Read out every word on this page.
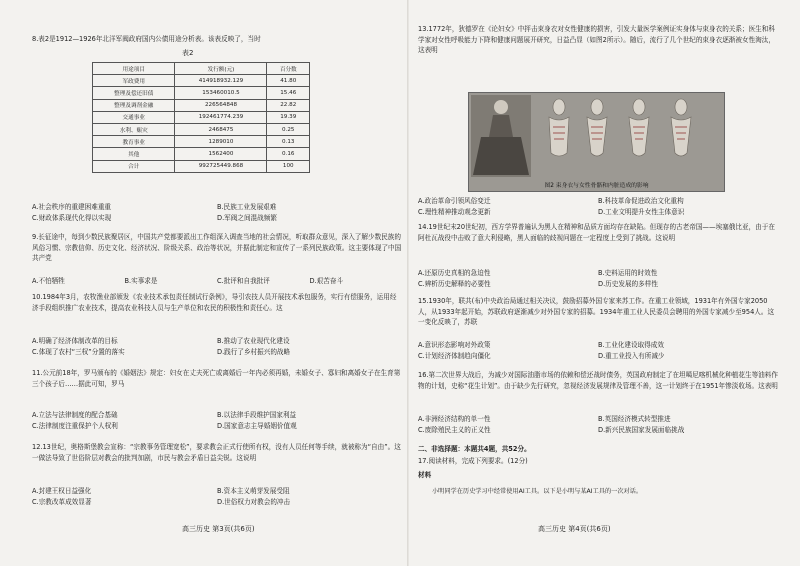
8.表2是1912—1926年北洋军阀政府国内公债用途分析表。该表反映了，当时
表2
用途项目	发行额(元)	百分数
军政费用	414918932.129	41.80
整理及偿还旧债	153460010.5	15.46
整理及调剂金融	226564848	22.82
交通事业	192461774.239	19.39
水利、赈灾	2468475	0.25
教育事业	1289010	0.13
其他	1562400	0.16
合计	992725449.868	100
A.社会秩序的重建困难重重	B.民族工业发展艰难
C.财政体系现代化得以实现	D.军阀之间混战频繁
9.长征途中，每到少数民族聚居区，中国共产党都要派出工作组深入调查当地的社会情况，听取群众意见，深入了解少数民族的风俗习惯、宗教信仰、历史文化、经济状况、阶级关系、政治等状况，并据此制定和宣传了一系列民族政策。这主要体现了中国共产党
A.不怕牺牲	B.实事求是	C.批评和自我批评	D.艰苦奋斗
10.1984年3月，农牧渔业部颁发《农业技术承包责任制试行条例》，导引农技人员开展技术承包服务，实行有偿服务，运用经济手段组织推广农业技术，提高农业科技人员与生产单位和农民的积极性和责任心。这
A.明确了经济体制改革的目标	B.推动了农业现代化建设
C.体现了农村“三权”分置的落实	D.践行了乡村振兴的战略
11.公元前18年，罗马颁布的《婚姻法》规定：妇女在丈夫死亡或离婚后一年内必须再婚，未婚女子、寡妇和离婚女子在生育第三个孩子后……据此可知，罗马
A.立法与法律制度的配合基础	B.以法律手段维护国家利益
C.法律制度注重保护个人权利	D.国家意志主导婚姻价值观
12.13世纪，奥格斯堡教会宣称：“宗教事务管理宽松”，要求教会正式行使所有权，没有人员任何等手续，就被称为“自由”。这一做法导致了世俗阶层对教会的批判加剧，市民与教会矛盾日益尖锐。这说明
A.封建王权日益强化	B.资本主义萌芽发展受阻
C.宗教改革成效显著	D.世俗权力对教会的冲击
高三历史 第3页(共6页)
13.1772年，狄德罗在《论妇女》中抨击束身衣对女性健康的损害，引发大量医学案例证实身体与束身衣的关系；医生和科学家对女性呼吸能力下降和健康问题展开研究，日益凸显（如图2所示）。随后，流行了几个世纪的束身衣逐渐被女性淘汰，这表明
图2 束身衣与女性骨骼和内脏造成的影响
A.政治革命引领风俗变迁	B.科技革命促进政治文化重构
C.理性精神推动观念更新	D.工业文明提升女性主体意识
14.19世纪末20世纪初，西方学界普遍认为黑人在精神和品质方面均存在缺陷。但现存的古老帝国——埃塞俄比亚，由于在阿杜瓦战役中击败了意大利侵略，黑人面临的歧视问题在一定程度上受到了挑战。这说明
A.还原历史真相的急迫性	B.史料运用的时效性
C.辨析历史解释的必要性	D.历史发展的多样性
15.1930年，联共(布)中央政治局通过相关决议，鼓励招募外国专家来苏工作。在重工业领域，1931年有外国专家2050人，从1933年起开始，苏联政府逐渐减少对外国专家的招募。1934年重工业人民委员会聘用的外国专家减少至954人。这一变化反映了，苏联
A.意识形态影响对外政策	B.工业化建设取得成效
C.计划经济体制趋向僵化	D.重工业投入有所减少
16.第二次世界大战后，为减少对国际油脂市场的依赖和偿还战时债务，英国政府制定了在坦噶尼喀机械化种植花生等油料作物的计划，史称“花生计划”。由于缺少先行研究，忽视经济发展规律及管理不善，这一计划终于在1951年惨淡收场。这表明
A.非洲经济结构的单一性	B.英国经济模式转型推进
C.废除殖民主义的正义性	D.新兴民族国家发展面临挑战
二、非选择题：本题共4题，共52分。
17.阅读材料，完成下列要求。(12分)
材料
小明同学在历史学习中经常使用AI工具。以下是小明与某AI工具的一次对话。
高三历史 第4页(共6页)
